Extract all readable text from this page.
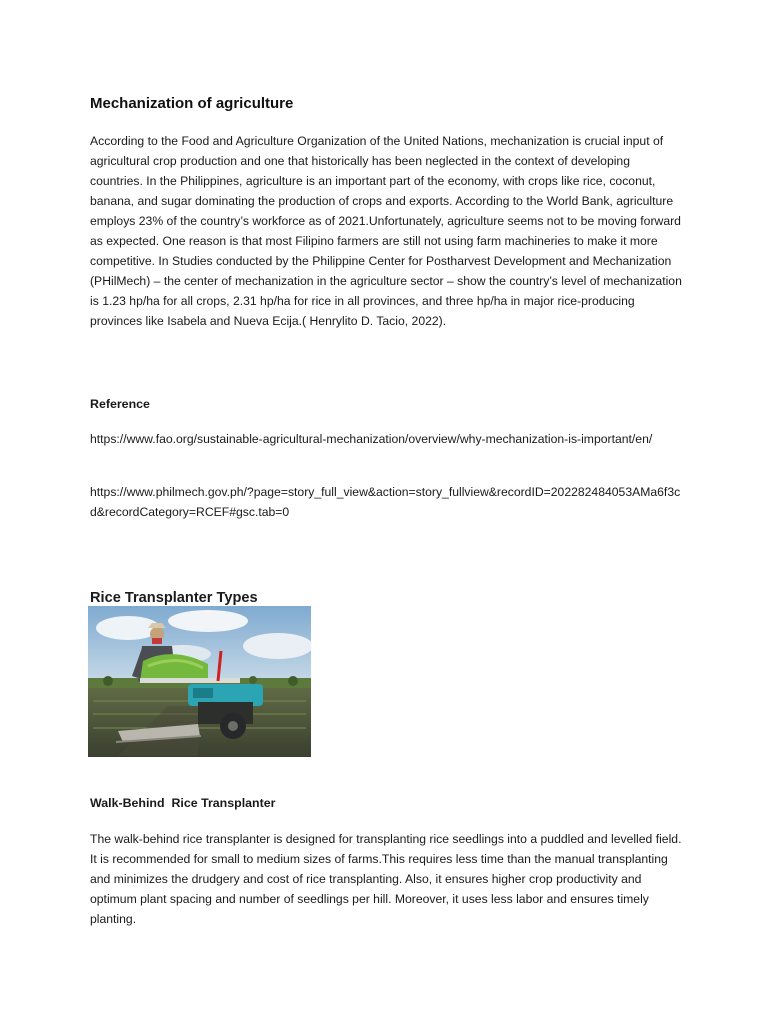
Mechanization of agriculture

According to the Food and Agriculture Organization of the United Nations, mechanization is crucial input of agricultural crop production and one that historically has been neglected in the context of developing countries. In the Philippines, agriculture is an important part of the economy, with crops like rice, coconut, banana, and sugar dominating the production of crops and exports. According to the World Bank, agriculture employs 23% of the country’s workforce as of 2021.Unfortunately, agriculture seems not to be moving forward as expected. One reason is that most Filipino farmers are still not using farm machineries to make it more competitive. In Studies conducted by the Philippine Center for Postharvest Development and Mechanization (PHilMech) – the center of mechanization in the agriculture sector – show the country’s level of mechanization is 1.23 hp/ha for all crops, 2.31 hp/ha for rice in all provinces, and three hp/ha in major rice-producing provinces like Isabela and Nueva Ecija.( Henrylito D. Tacio, 2022).

Reference

https://www.fao.org/sustainable-agricultural-mechanization/overview/why-mechanization-is-important/en/

https://www.philmech.gov.ph/?page=story_full_view&action=story_fullview&recordID=202282484053AMa6f3cd&recordCategory=RCEF#gsc.tab=0

Rice Transplanter Types
Walk-Behind  Rice Transplanter

The walk-behind rice transplanter is designed for transplanting rice seedlings into a puddled and levelled field. It is recommended for small to medium sizes of farms.This requires less time than the manual transplanting and minimizes the drudgery and cost of rice transplanting. Also, it ensures higher crop productivity and optimum plant spacing and number of seedlings per hill. Moreover, it uses less labor and ensures timely planting.
